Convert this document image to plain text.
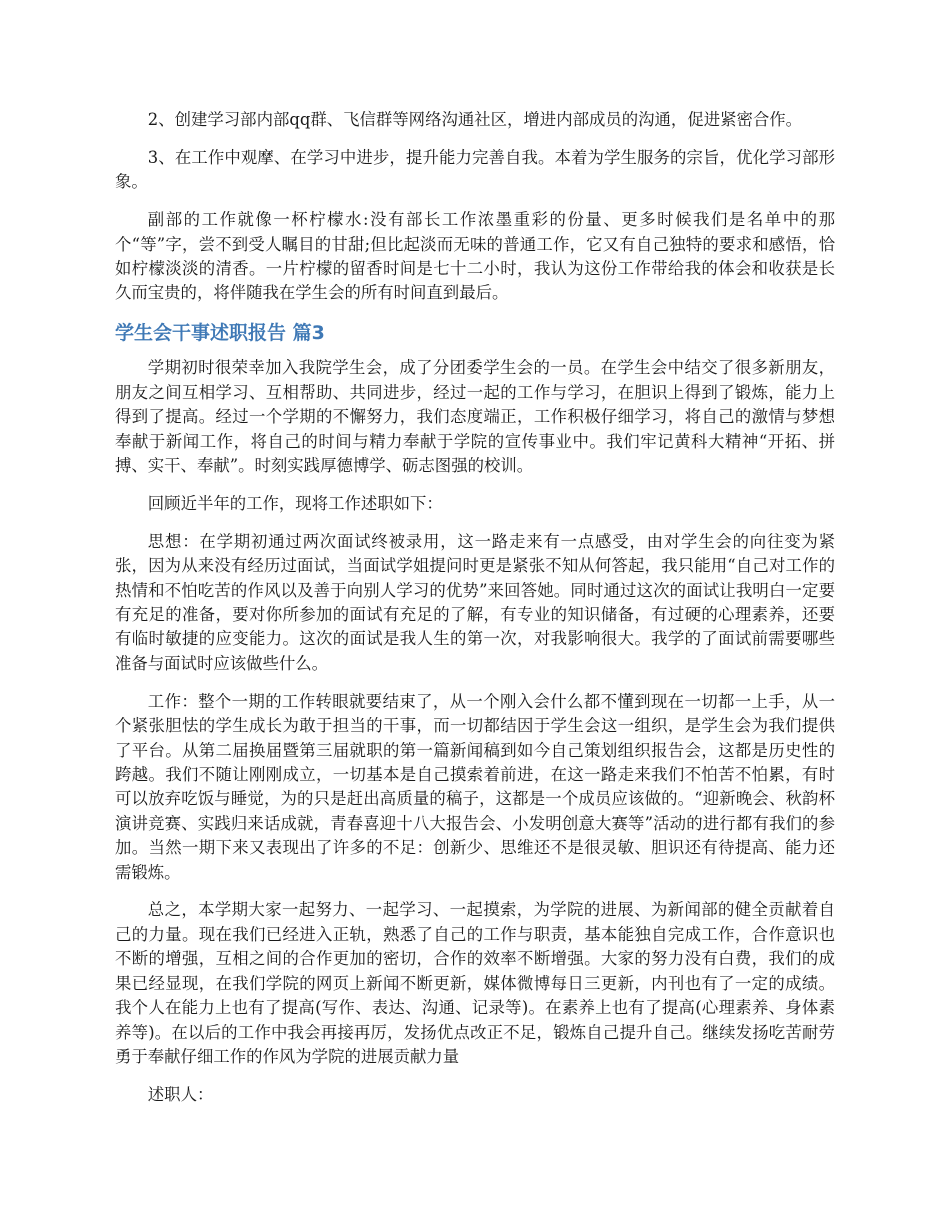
2、创建学习部内部qq群、飞信群等网络沟通社区，增进内部成员的沟通，促进紧密合作。

3、在工作中观摩、在学习中进步，提升能力完善自我。本着为学生服务的宗旨，优化学习部形象。

副部的工作就像一杯柠檬水:没有部长工作浓墨重彩的份量、更多时候我们是名单中的那个“等”字，尝不到受人瞩目的甘甜;但比起淡而无味的普通工作，它又有自己独特的要求和感悟，恰如柠檬淡淡的清香。一片柠檬的留香时间是七十二小时，我认为这份工作带给我的体会和收获是长久而宝贵的，将伴随我在学生会的所有时间直到最后。

学生会干事述职报告 篇3

学期初时很荣幸加入我院学生会，成了分团委学生会的一员。在学生会中结交了很多新朋友，朋友之间互相学习、互相帮助、共同进步，经过一起的工作与学习，在胆识上得到了锻炼，能力上得到了提高。经过一个学期的不懈努力，我们态度端正，工作积极仔细学习，将自己的激情与梦想奉献于新闻工作，将自己的时间与精力奉献于学院的宣传事业中。我们牢记黄科大精神“开拓、拼搏、实干、奉献”。时刻实践厚德博学、砺志图强的校训。

回顾近半年的工作，现将工作述职如下：

思想：在学期初通过两次面试终被录用，这一路走来有一点感受，由对学生会的向往变为紧张，因为从来没有经历过面试，当面试学姐提问时更是紧张不知从何答起，我只能用“自己对工作的热情和不怕吃苦的作风以及善于向别人学习的优势”来回答她。同时通过这次的面试让我明白一定要有充足的准备，要对你所参加的面试有充足的了解，有专业的知识储备，有过硬的心理素养，还要有临时敏捷的应变能力。这次的面试是我人生的第一次，对我影响很大。我学的了面试前需要哪些准备与面试时应该做些什么。

工作：整个一期的工作转眼就要结束了，从一个刚入会什么都不懂到现在一切都一上手，从一个紧张胆怯的学生成长为敢于担当的干事，而一切都结因于学生会这一组织，是学生会为我们提供了平台。从第二届换届暨第三届就职的第一篇新闻稿到如今自己策划组织报告会，这都是历史性的跨越。我们不随让刚刚成立，一切基本是自己摸索着前进，在这一路走来我们不怕苦不怕累，有时可以放弃吃饭与睡觉，为的只是赶出高质量的稿子，这都是一个成员应该做的。“迎新晚会、秋韵杯演讲竞赛、实践归来话成就，青春喜迎十八大报告会、小发明创意大赛等”活动的进行都有我们的参加。当然一期下来又表现出了许多的不足：创新少、思维还不是很灵敏、胆识还有待提高、能力还需锻炼。

总之，本学期大家一起努力、一起学习、一起摸索，为学院的进展、为新闻部的健全贡献着自己的力量。现在我们已经进入正轨，熟悉了自己的工作与职责，基本能独自完成工作，合作意识也不断的增强，互相之间的合作更加的密切，合作的效率不断增强。大家的努力没有白费，我们的成果已经显现，在我们学院的网页上新闻不断更新，媒体微博每日三更新，内刊也有了一定的成绩。我个人在能力上也有了提高(写作、表达、沟通、记录等)。在素养上也有了提高(心理素养、身体素养等)。在以后的工作中我会再接再厉，发扬优点改正不足，锻炼自己提升自己。继续发扬吃苦耐劳勇于奉献仔细工作的作风为学院的进展贡献力量

述职人：
